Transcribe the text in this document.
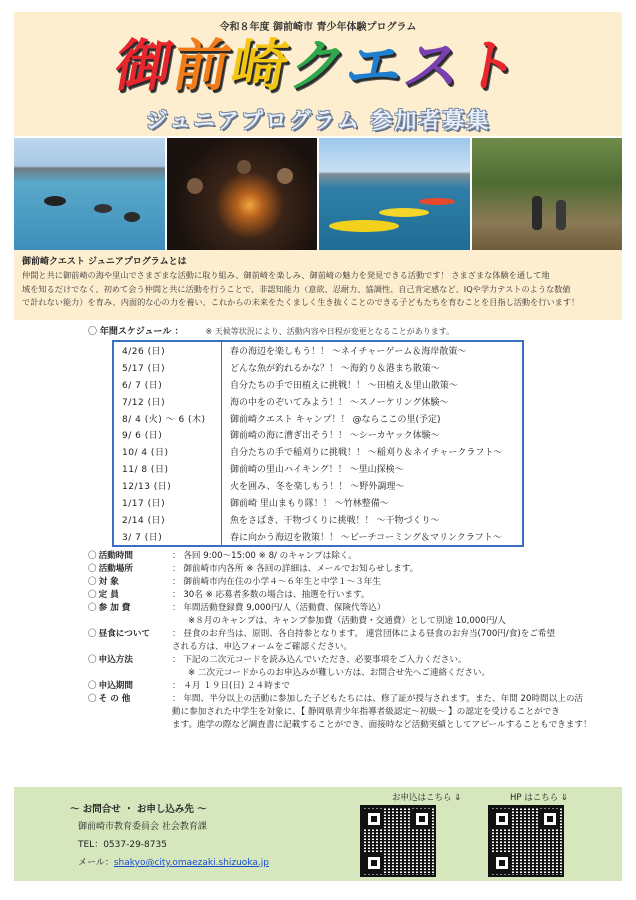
令和８年度 御前崎市 青少年体験プログラム
御前崎クエスト
ジュニアプログラム 参加者募集
御前崎クエスト ジュニアプログラムとは
仲間と共に御前崎の海や里山でさまざまな活動に取り組み、御前崎を楽しみ、御前崎の魅力を発見できる活動です！ さまざまな体験を通して地
域を知るだけでなく、初めて会う仲間と共に活動を行うことで、非認知能力（意欲、忍耐力、協調性、自己肯定感など、IQや学力テストのような数値
で計れない能力）を育み、内面的な心の力を養い、これからの未来をたくましく生き抜くことのできる子どもたちを育むことを目指し活動を行います！
〇 年間スケジュール ：	※ 天候等状況により、活動内容や日程が変更となることがあります。
4/26 (日)	春の海辺を楽しもう！！ 〜ネイチャーゲーム＆海岸散策〜
5/17 (日)	どんな魚が釣れるかな？！ 〜海釣り＆港まち散策〜
6/ 7 (日)	自分たちの手で田植えに挑戦！！ 〜田植え＆里山散策〜
7/12 (日)	海の中をのぞいてみよう！！ 〜スノーケリング体験〜
8/ 4 (火) 〜 6 (木)	御前崎クエスト キャンプ！！ @ならここの里(予定)
9/ 6 (日)	御前崎の海に漕ぎ出そう！！ 〜シーカヤック体験〜
10/ 4 (日)	自分たちの手で稲刈りに挑戦！！ 〜稲刈り＆ネイチャークラフト〜
11/ 8 (日)	御前崎の里山ハイキング！！ 〜里山探検〜
12/13 (日)	火を囲み、冬を楽しもう！！ 〜野外調理〜
1/17 (日)	御前崎 里山まもり隊！！ 〜竹林整備〜
2/14 (日)	魚をさばき、干物づくりに挑戦！！ 〜干物づくり〜
3/ 7 (日)	春に向かう海辺を散策！！ 〜ビーチコーミング＆マリンクラフト〜
〇 活動時間	： 各回 9:00〜15:00 ※ 8/ のキャンプは除く。
〇 活動場所	： 御前崎市内各所 ※ 各回の詳細は、メールでお知らせします。
〇 対 象	： 御前崎市内在住の小学４〜６年生と中学１〜３年生
〇 定 員	： 30名 ※ 応募者多数の場合は、抽選を行います。
〇 参 加 費	： 年間活動登録費 9,000円/人（活動費、保険代等込）
※８月のキャンプは、キャンプ参加費（活動費・交通費）として別途 10,000円/人
〇 昼食について	： 昼食のお弁当は、原則、各自持参となります。 連営団体による昼食のお弁当(700円/食)をご希望
される方は、申込フォームをご確認ください。
〇 申込方法	： 下記の二次元コードを読み込んでいただき、必要事項をご入力ください。
※ 二次元コードからのお申込みが難しい方は、お問合せ先へご連絡ください。
〇 申込期間	： ４月 １９日(日) ２４時まで
〇 そ の 他	： 年間、半分以上の活動に参加した子どもたちには、修了証が授与されます。また、年間 20時間以上の活
動に参加された中学生を対象に、【 静岡県青少年指導者級認定〜初級〜 】の認定を受けることができ
ます。進学の際など調査書に記載することができ、面接時など活動実績としてアピールすることもできます！
〜 お問合せ ・ お申し込み先 〜
御前崎市教育委員会 社会教育課
TEL：0537-29-8735
メール：shakyo@city.omaezaki.shizuoka.jp
お申込はこちら ⇓	HP はこちら ⇓
